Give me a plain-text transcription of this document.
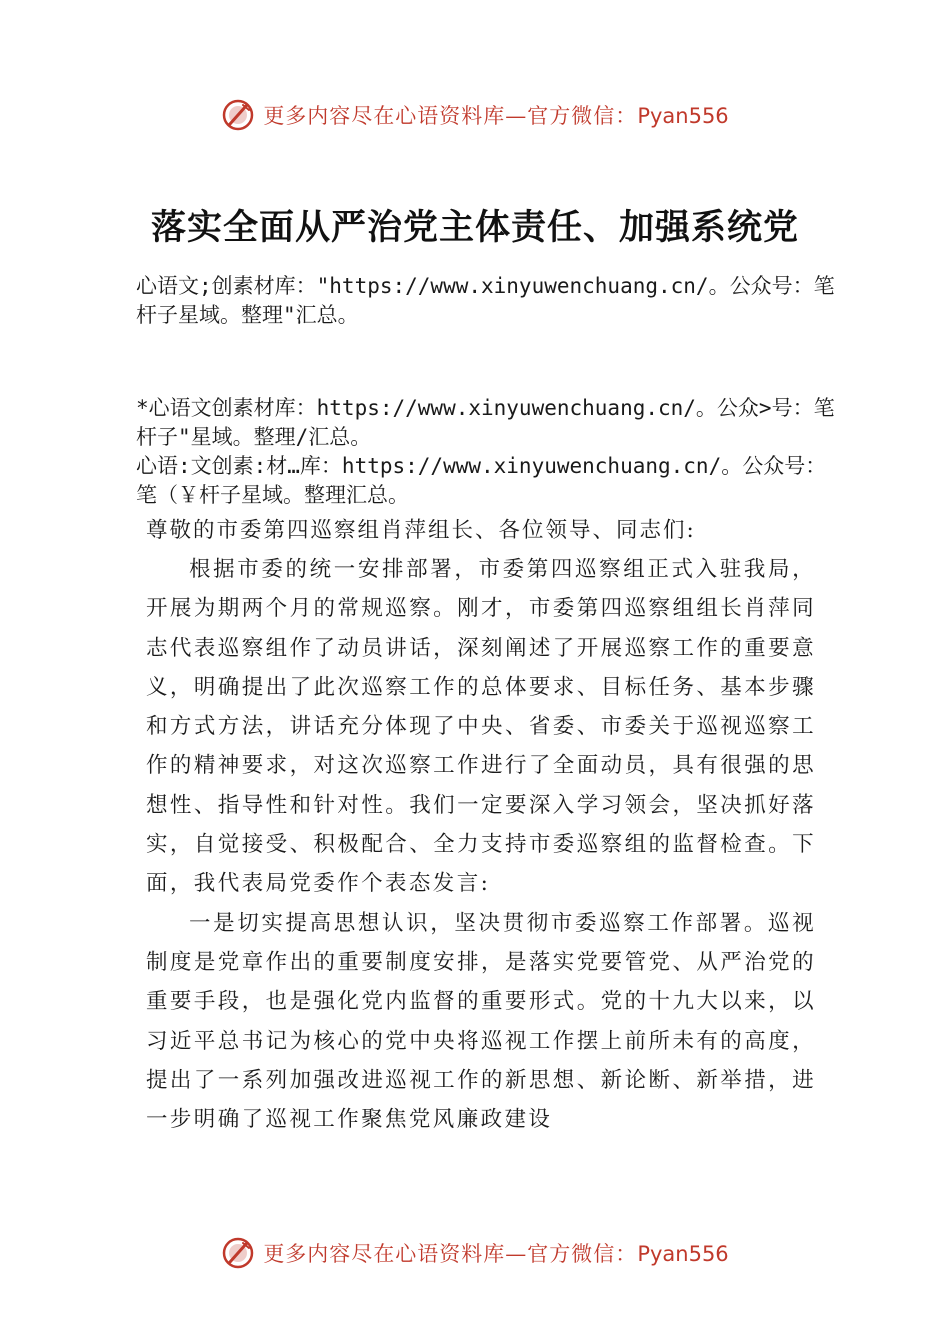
更多内容尽在心语资料库—官方微信：Pyan556
落实全面从严治党主体责任、加强系统党
心语文;创素材库："https://www.xinyuwenchuang.cn/。公众号：笔杆子星域。整理"汇总。
*心语文创素材库：https://www.xinyuwenchuang.cn/。公众>号：笔杆子"星域。整理/汇总。
心语:文创素:材…库：https://www.xinyuwenchuang.cn/。公众号：笔（￥杆子星域。整理汇总。
尊敬的市委第四巡察组肖萍组长、各位领导、同志们:

根据市委的统一安排部署，市委第四巡察组正式入驻我局，开展为期两个月的常规巡察。刚才，市委第四巡察组组长肖萍同志代表巡察组作了动员讲话，深刻阐述了开展巡察工作的重要意义，明确提出了此次巡察工作的总体要求、目标任务、基本步骤和方式方法，讲话充分体现了中央、省委、市委关于巡视巡察工作的精神要求，对这次巡察工作进行了全面动员，具有很强的思想性、指导性和针对性。我们一定要深入学习领会，坚决抓好落实，自觉接受、积极配合、全力支持市委巡察组的监督检查。下面，我代表局党委作个表态发言:

一是切实提高思想认识，坚决贯彻市委巡察工作部署。巡视制度是党章作出的重要制度安排，是落实党要管党、从严治党的重要手段，也是强化党内监督的重要形式。党的十九大以来，以习近平总书记为核心的党中央将巡视工作摆上前所未有的高度，提出了一系列加强改进巡视工作的新思想、新论断、新举措，进一步明确了巡视工作聚焦党风廉政建设

更多内容尽在心语资料库—官方微信：Pyan556
